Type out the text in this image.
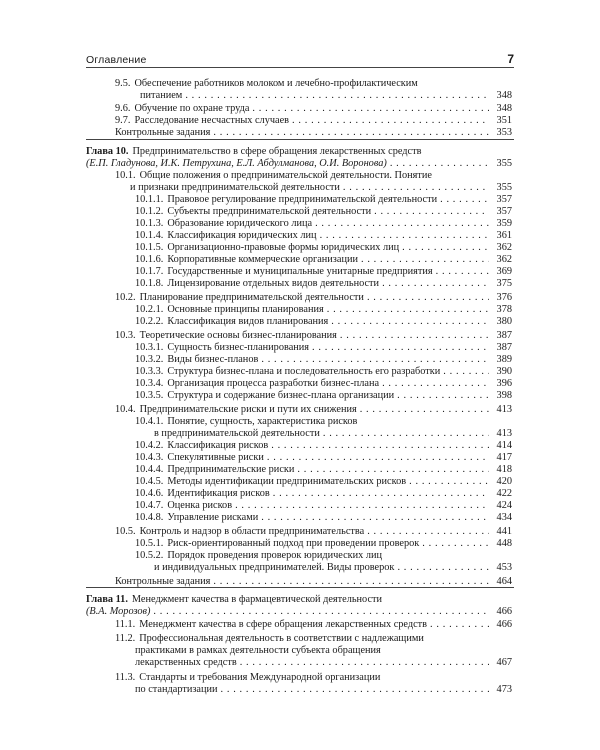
Оглавление	7
9.5. Обеспечение работников молоком и лечебно-профилактическим
питанием . . .	348
9.6. Обучение по охране труда . . .	348
9.7. Расследование несчастных случаев . . .	351
Контрольные задания . . .	353
Глава 10. Предпринимательство в сфере обращения лекарственных средств
(Е.П. Гладунова, И.К. Петрухина, Е.Л. Абдулманова, О.И. Воронова) . . .	355
10.1. Общие положения о предпринимательской деятельности. Понятие
и признаки предпринимательской деятельности . . .	355
10.1.1. Правовое регулирование предпринимательской деятельности . . .	357
10.1.2. Субъекты предпринимательской деятельности . . .	357
10.1.3. Образование юридического лица . . .	359
10.1.4. Классификация юридических лиц . . .	361
10.1.5. Организационно-правовые формы юридических лиц . . .	362
10.1.6. Корпоративные коммерческие организации . . .	362
10.1.7. Государственные и муниципальные унитарные предприятия . . .	369
10.1.8. Лицензирование отдельных видов деятельности . . .	375
10.2. Планирование предпринимательской деятельности . . .	376
10.2.1. Основные принципы планирования . . .	378
10.2.2. Классификация видов планирования . . .	380
10.3. Теоретические основы бизнес-планирования . . .	387
10.3.1. Сущность бизнес-планирования . . .	387
10.3.2. Виды бизнес-планов . . .	389
10.3.3. Структура бизнес-плана и последовательность его разработки . . .	390
10.3.4. Организация процесса разработки бизнес-плана . . .	396
10.3.5. Структура и содержание бизнес-плана организации . . .	398
10.4. Предпринимательские риски и пути их снижения . . .	413
10.4.1. Понятие, сущность, характеристика рисков
в предпринимательской деятельности . . .	413
10.4.2. Классификация рисков . . .	414
10.4.3. Спекулятивные риски . . .	417
10.4.4. Предпринимательские риски . . .	418
10.4.5. Методы идентификации предпринимательских рисков . . .	420
10.4.6. Идентификация рисков . . .	422
10.4.7. Оценка рисков . . .	424
10.4.8. Управление рисками . . .	434
10.5. Контроль и надзор в области предпринимательства . . .	441
10.5.1. Риск-ориентированный подход при проведении проверок . . .	448
10.5.2. Порядок проведения проверок юридических лиц
и индивидуальных предпринимателей. Виды проверок . . .	453
Контрольные задания . . .	464
Глава 11. Менеджмент качества в фармацевтической деятельности
(В.А. Морозов) . . .	466
11.1. Менеджмент качества в сфере обращения лекарственных средств . . .	466
11.2. Профессиональная деятельность в соответствии с надлежащими
практиками в рамках деятельности субъекта обращения
лекарственных средств . . .	467
11.3. Стандарты и требования Международной организации
по стандартизации . . .	473
